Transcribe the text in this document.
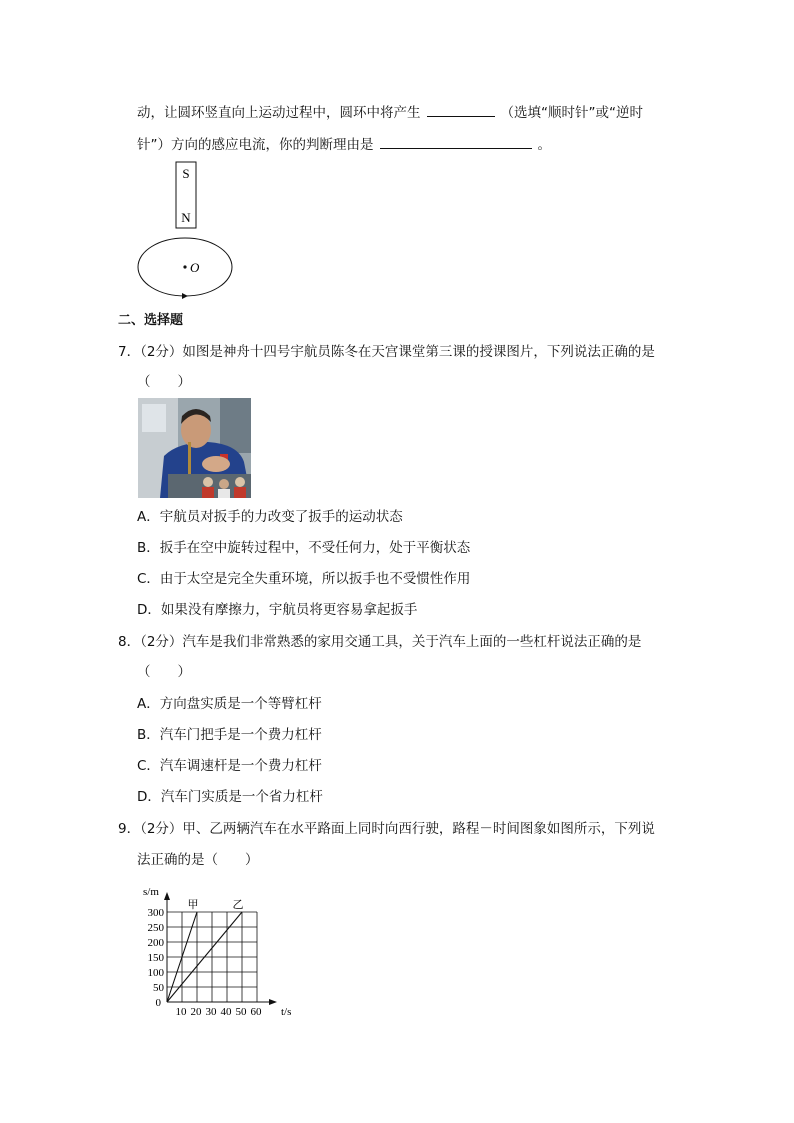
动，让圆环竖直向上运动过程中，圆环中将产生	（选填“顺时针”或“逆时
针”）方向的感应电流，你的判断理由是	。
S
N
O
二、选择题
7．（2分）如图是神舟十四号宇航员陈冬在天宫课堂第三课的授课图片，下列说法正确的是
（　　）
A．宇航员对扳手的力改变了扳手的运动状态
B．扳手在空中旋转过程中，不受任何力，处于平衡状态
C．由于太空是完全失重环境，所以扳手也不受惯性作用
D．如果没有摩擦力，宇航员将更容易拿起扳手
8．（2分）汽车是我们非常熟悉的家用交通工具，关于汽车上面的一些杠杆说法正确的是
（　　）
A．方向盘实质是一个等臂杠杆
B．汽车门把手是一个费力杠杆
C．汽车调速杆是一个费力杠杆
D．汽车门实质是一个省力杠杆
9．（2分）甲、乙两辆汽车在水平路面上同时向西行驶，路程－时间图象如图所示，下列说
法正确的是（　　）
10 20 30 40 50 60
50
100
150
200
250
300
0
t/s
s/m
甲	乙
